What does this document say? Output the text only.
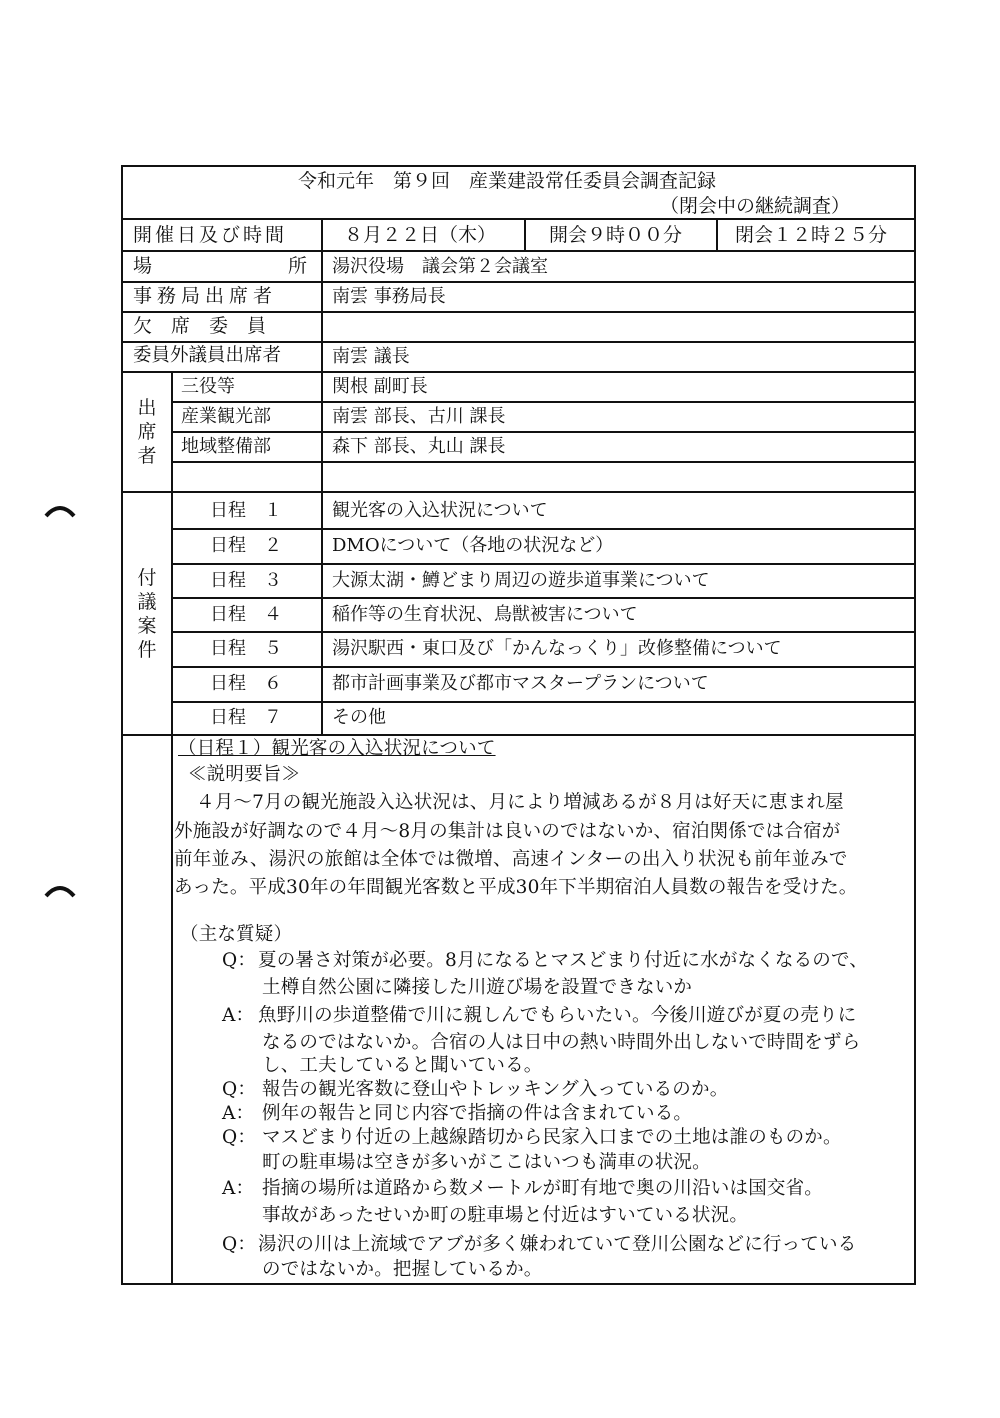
令和元年　第９回　産業建設常任委員会調査記録
（閉会中の継続調査）
開催日及び時間	８月２２日（木）	開会９時００分	閉会１２時２５分
場	所 湯沢役場　議会第２会議室
事務局出席者	南雲 事務局長
欠　席　委　員
委員外議員出席者	南雲 議長
出
席
者
三役等	関根 副町長
産業観光部	南雲 部長、古川 課長
地域整備部	森下 部長、丸山 課長
付
議
案
件
日程　１	観光客の入込状況について
日程　２	DMOについて（各地の状況など）
日程　３	大源太湖・鱒どまり周辺の遊歩道事業について
日程　４	稲作等の生育状況、鳥獣被害について
日程　５	湯沢駅西・東口及び「かんなっくり」改修整備について
日程　６	都市計画事業及び都市マスタープランについて
日程　７	その他
（日程１）観光客の入込状況について
≪説明要旨≫
４月～7月の観光施設入込状況は、月により増減あるが８月は好天に恵まれ屋
外施設が好調なので４月～8月の集計は良いのではないか、宿泊関係では合宿が
前年並み、湯沢の旅館は全体では微増、高速インターの出入り状況も前年並みで
あった。平成30年の年間観光客数と平成30年下半期宿泊人員数の報告を受けた。
（主な質疑）
Q： 夏の暑さ対策が必要。8月になるとマスどまり付近に水がなくなるので、
土樽自然公園に隣接した川遊び場を設置できないか
A： 魚野川の歩道整備で川に親しんでもらいたい。今後川遊びが夏の売りに
なるのではないか。合宿の人は日中の熱い時間外出しないで時間をずら
し、工夫していると聞いている。
Q： 報告の観光客数に登山やトレッキング入っているのか。
A： 例年の報告と同じ内容で指摘の件は含まれている。
Q： マスどまり付近の上越線踏切から民家入口までの土地は誰のものか。
町の駐車場は空きが多いがここはいつも満車の状況。
A： 指摘の場所は道路から数メートルが町有地で奥の川沿いは国交省。
事故があったせいか町の駐車場と付近はすいている状況。
Q： 湯沢の川は上流域でアブが多く嫌われていて登川公園などに行っている
のではないか。把握しているか。
